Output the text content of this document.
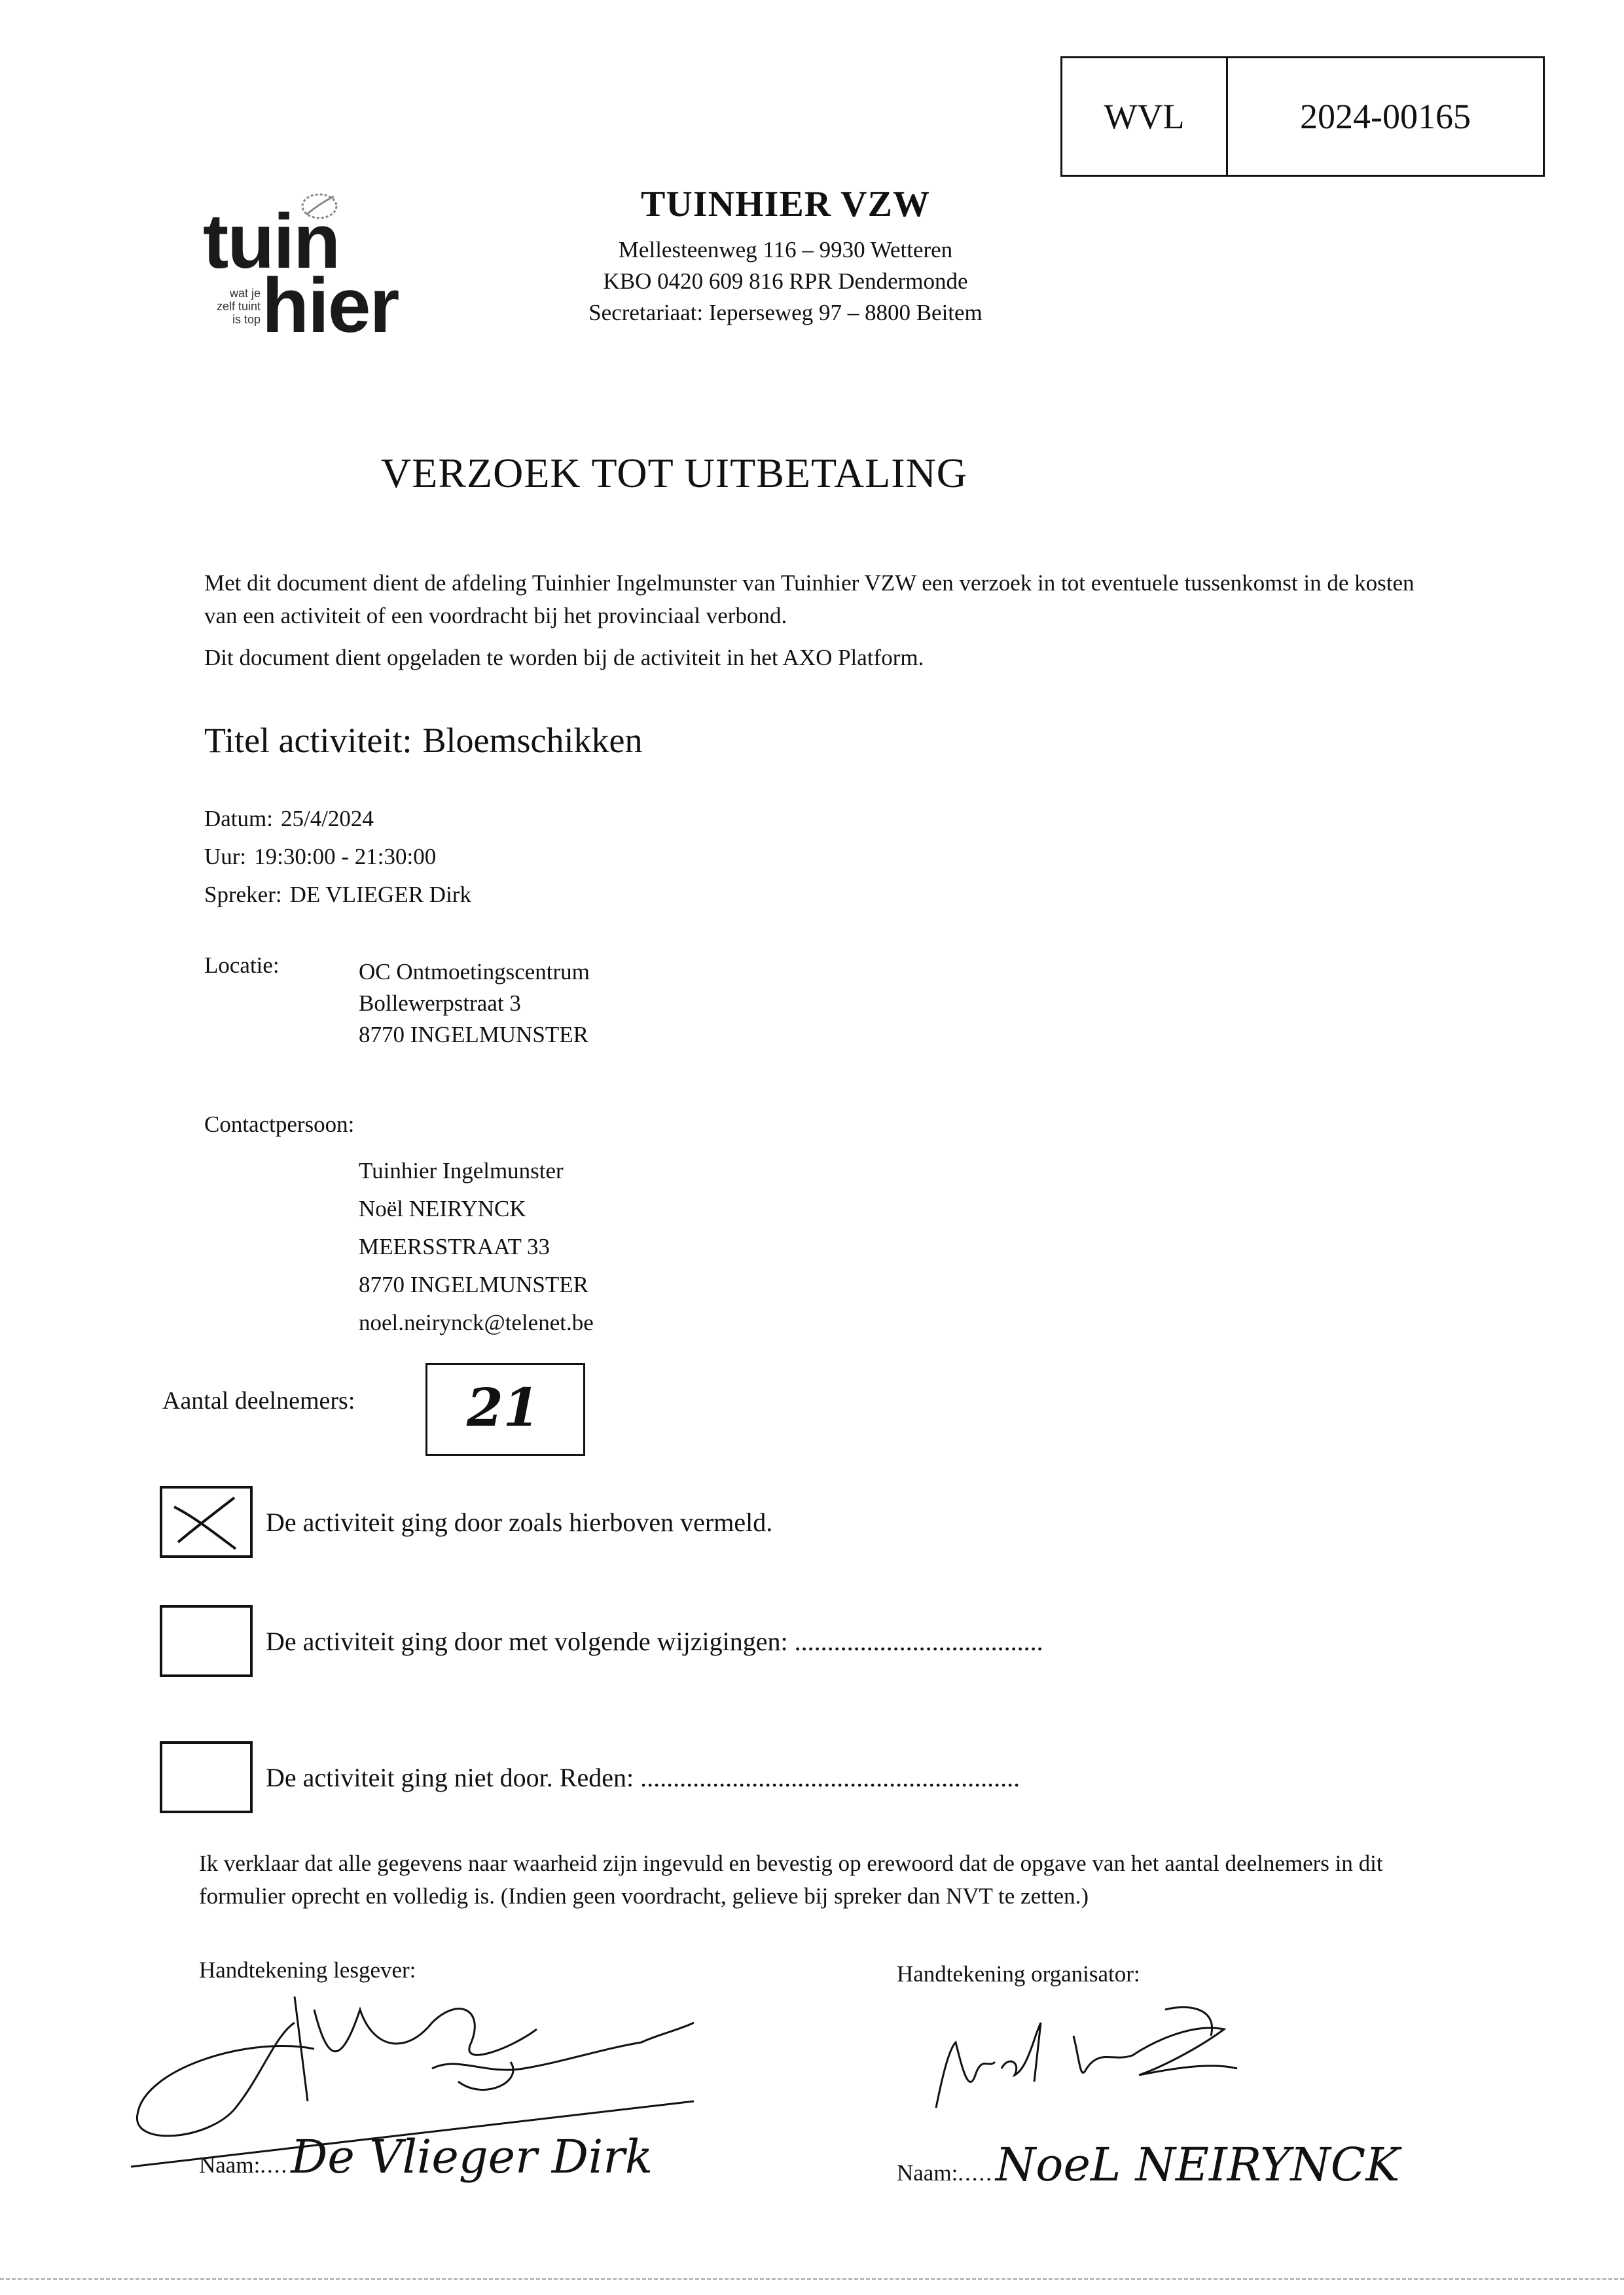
WVL	2024-00165
tuin
hier
wat je
zelf tuint
is top
TUINHIER VZW
Mellesteenweg 116 – 9930 Wetteren
KBO 0420 609 816 RPR Dendermonde
Secretariaat: Ieperseweg 97 – 8800 Beitem
VERZOEK TOT UITBETALING

Met dit document dient de afdeling Tuinhier Ingelmunster van Tuinhier VZW een verzoek in tot eventuele tussenkomst in de kosten van een activiteit of een voordracht bij het provinciaal verbond.

Dit document dient opgeladen te worden bij de activiteit in het AXO Platform.

Titel activiteit: Bloemschikken
Datum: 25/4/2024
Uur: 19:30:00 - 21:30:00
Spreker: DE VLIEGER Dirk
Locatie:	OC Ontmoetingscentrum
Bollewerpstraat 3
8770 INGELMUNSTER
Contactpersoon:
Tuinhier Ingelmunster
Noël NEIRYNCK
MEERSSTRAAT 33
8770 INGELMUNSTER
noel.neirynck@telenet.be
Aantal deelnemers: 21
De activiteit ging door zoals hierboven vermeld.
De activiteit ging door met volgende wijzigingen: ......................................
De activiteit ging niet door. Reden: ..........................................................
Ik verklaar dat alle gegevens naar waarheid zijn ingevuld en bevestig op erewoord dat de opgave van het aantal deelnemers in dit formulier oprecht en volledig is. (Indien geen voordracht, gelieve bij spreker dan NVT te zetten.)
Handtekening lesgever:	Handtekening organisator:
Naam:....De Vlieger Dirk	Naam:.....NoeL NEIRYNCK
